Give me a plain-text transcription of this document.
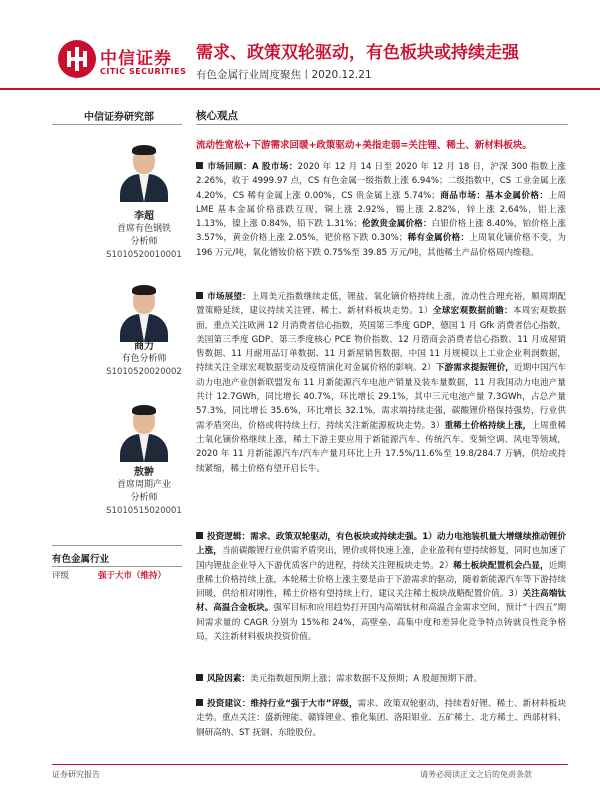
中信证券
CITIC SECURITIES
需求、政策双轮驱动，有色板块或持续走强
有色金属行业周度聚焦丨2020.12.21
中信证券研究部
李超
首席有色钢铁
分析师
S1010520010001
商力
有色分析师
S1010520020002
敖翀
首席周期产业
分析师
S1010515020001
有色金属行业
评级	强于大市（维持）
核心观点
流动性宽松+下游需求回暖+政策驱动+美指走弱=关注锂、稀土、新材料板块。
市场回顾：A 股市场：2020 年 12 月 14 日至 2020 年 12 月 18 日，沪深 300 指数上涨 2.26%，收于 4999.97 点，CS 有色金属一级指数上涨 6.94%；二级指数中，CS 工业金属上涨 4.20%，CS 稀有金属上涨 0.00%，CS 贵金属上涨 5.74%；商品市场：基本金属价格：上周 LME 基本金属价格涨跌互现，铜上涨 2.92%，锡上涨 2.82%，锌上涨 2.64%，铝上涨 1.13%，镍上涨 0.84%，铅下跌 1.31%；伦敦贵金属价格：白银价格上涨 8.40%，铂价格上涨 3.57%，黄金价格上涨 2.05%，钯价格下跌 0.30%；稀有金属价格：上周氧化镝价格不变，为 196 万元/吨，氧化镨钕价格下跌 0.75%至 39.85 万元/吨，其他稀土产品价格周内维稳。
市场展望：上周美元指数继续走低，锂盐、氧化镝价格持续上涨，流动性合理充裕，顺周期配置策略延续，建议持续关注锂、稀土、新材料板块走势。1）全球宏观数据前瞻：本周宏观数据面，重点关注欧洲 12 月消费者信心指数，英国第三季度 GDP，德国 1 月 Gfk 消费者信心指数，美国第三季度 GDP、第三季度核心 PCE 物价指数、12 月谘商会消费者信心指数、11 月成屋销售数据、11 月耐用品订单数据、11 月新屋销售数据，中国 11 月规模以上工业企业利润数据，持续关注全球宏观数据变动及疫情演化对金属价格的影响。2）下游需求提振锂价，近期中国汽车动力电池产业创新联盟发布 11 月新能源汽车电池产销量及装车量数据，11 月我国动力电池产量共计 12.7GWh，同比增长 40.7%，环比增长 29.1%，其中三元电池产量 7.3GWh，占总产量 57.3%，同比增长 35.6%，环比增长 32.1%，需求端持续走强，碳酸锂价格保持强势，行业供需矛盾突出，价格或将持续上行，持续关注新能源板块走势。3）重稀土价格持续上涨，上周重稀土氧化镝价格继续上涨，稀土下游主要应用于新能源汽车、传统汽车、变频空调、风电等领域，2020 年 11 月新能源汽车/汽车产量月环比上升 17.5%/11.6%至 19.8/284.7 万辆，供给或持续紧缩，稀土价格有望开启长牛。
投资逻辑：需求、政策双轮驱动，有色板块或持续走强。1）动力电池装机量大增继续推动锂价上涨，当前碳酸锂行业供需矛盾突出，锂价或将快速上涨，企业盈利有望持续修复，同时也加速了国内锂盐企业导入下游优质客户的进程，持续关注锂板块走势。2）稀土板块配置机会凸显，近期重稀土价格持续上涨，本轮稀土价格上涨主要是由于下游需求的驱动，随着新能源汽车等下游持续回暖，供给相对刚性，稀土价格有望持续上行，建议关注稀土板块战略配置价值。3）关注高端钛材、高温合金板块。强军目标和应用趋势打开国内高端钛材和高温合金需求空间，预计“十四五”期间需求量的 CAGR 分别为 15%和 24%，高壁垒、高集中度和差异化竞争特点铸就良性竞争格局，关注新材料板块投资价值。
风险因素：美元指数超预期上涨；需求数据不及预期；A 股超预期下滑。
投资建议：维持行业“强于大市”评级，需求、政策双轮驱动，持续看好锂、稀土、新材料板块走势。重点关注：盛新锂能、赣锋锂业、雅化集团、洛阳钼业、五矿稀土、北方稀土、西部材料、钢研高纳、ST 抚钢、东睦股份。
证券研究报告	请务必阅读正文之后的免责条款
